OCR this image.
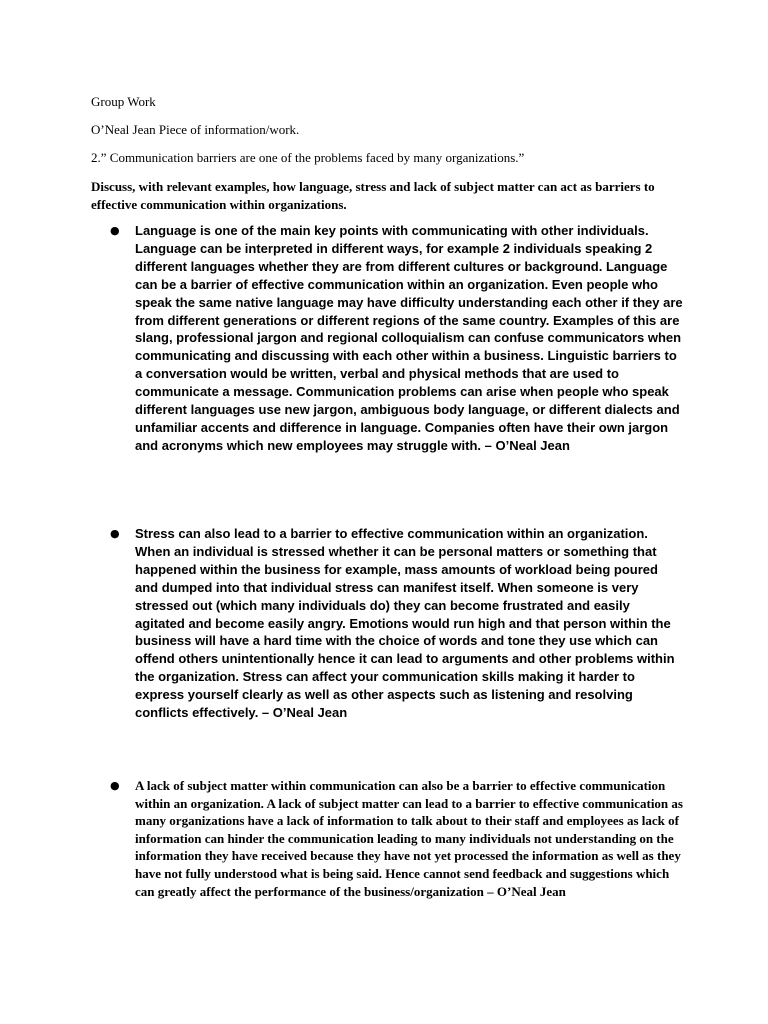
Group Work
O’Neal Jean Piece of information/work.
2.” Communication barriers are one of the problems faced by many organizations.”
Discuss, with relevant examples, how language, stress and lack of subject matter can act as barriers to effective communication within organizations.
● Language is one of the main key points with communicating with other individuals. Language can be interpreted in different ways, for example 2 individuals speaking 2 different languages whether they are from different cultures or background. Language can be a barrier of effective communication within an organization. Even people who speak the same native language may have difficulty understanding each other if they are from different generations or different regions of the same country. Examples of this are slang, professional jargon and regional colloquialism can confuse communicators when communicating and discussing with each other within a business. Linguistic barriers to a conversation would be written, verbal and physical methods that are used to communicate a message. Communication problems can arise when people who speak different languages use new jargon, ambiguous body language, or different dialects and unfamiliar accents and difference in language. Companies often have their own jargon and acronyms which new employees may struggle with. – O’Neal Jean
● Stress can also lead to a barrier to effective communication within an organization. When an individual is stressed whether it can be personal matters or something that happened within the business for example, mass amounts of workload being poured and dumped into that individual stress can manifest itself. When someone is very stressed out (which many individuals do) they can become frustrated and easily agitated and become easily angry. Emotions would run high and that person within the business will have a hard time with the choice of words and tone they use which can offend others unintentionally hence it can lead to arguments and other problems within the organization. Stress can affect your communication skills making it harder to express yourself clearly as well as other aspects such as listening and resolving conflicts effectively. – O’Neal Jean
● A lack of subject matter within communication can also be a barrier to effective communication within an organization. A lack of subject matter can lead to a barrier to effective communication as many organizations have a lack of information to talk about to their staff and employees as lack of information can hinder the communication leading to many individuals not understanding on the information they have received because they have not yet processed the information as well as they have not fully understood what is being said. Hence cannot send feedback and suggestions which can greatly affect the performance of the business/organization – O’Neal Jean
